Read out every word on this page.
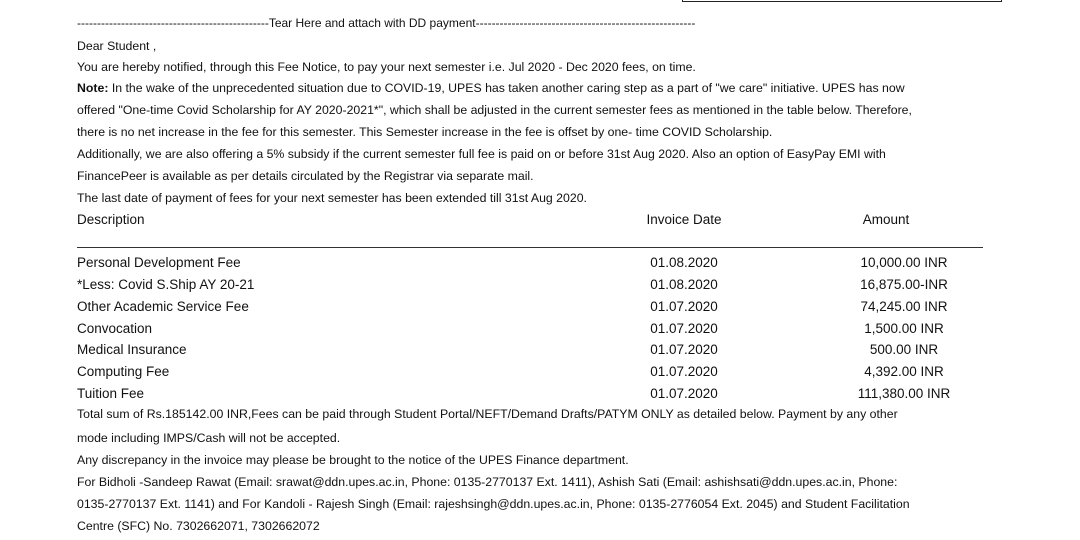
------------------------------------------------Tear Here and attach with DD payment-------------------------------------------------------
Dear Student ,
You are hereby notified, through this Fee Notice, to pay your next semester i.e. Jul 2020 - Dec 2020 fees, on time.
Note: In the wake of the unprecedented situation due to COVID-19, UPES has taken another caring step as a part of "we care" initiative. UPES has now
offered "One-time Covid Scholarship for AY 2020-2021*", which shall be adjusted in the current semester fees as mentioned in the table below. Therefore,
there is no net increase in the fee for this semester. This Semester increase in the fee is offset by one- time COVID Scholarship.
Additionally, we are also offering a 5% subsidy if the current semester full fee is paid on or before 31st Aug 2020. Also an option of EasyPay EMI with
FinancePeer is available as per details circulated by the Registrar via separate mail.
The last date of payment of fees for your next semester has been extended till 31st Aug 2020.
Description	Invoice Date	Amount
Personal Development Fee	01.08.2020	10,000.00 INR
*Less: Covid S.Ship AY 20-21	01.08.2020	16,875.00-INR
Other Academic Service Fee	01.07.2020	74,245.00 INR
Convocation	01.07.2020	1,500.00 INR
Medical Insurance	01.07.2020	500.00 INR
Computing Fee	01.07.2020	4,392.00 INR
Tuition Fee	01.07.2020	111,380.00 INR
Total sum of Rs.185142.00 INR,Fees can be paid through Student Portal/NEFT/Demand Drafts/PATYM ONLY as detailed below. Payment by any other
mode including IMPS/Cash will not be accepted.
Any discrepancy in the invoice may please be brought to the notice of the UPES Finance department.
For Bidholi -Sandeep Rawat (Email: srawat@ddn.upes.ac.in, Phone: 0135-2770137 Ext. 1411), Ashish Sati (Email: ashishsati@ddn.upes.ac.in, Phone:
0135-2770137 Ext. 1141) and For Kandoli - Rajesh Singh (Email: rajeshsingh@ddn.upes.ac.in, Phone: 0135-2776054 Ext. 2045) and Student Facilitation
Centre (SFC) No. 7302662071, 7302662072
